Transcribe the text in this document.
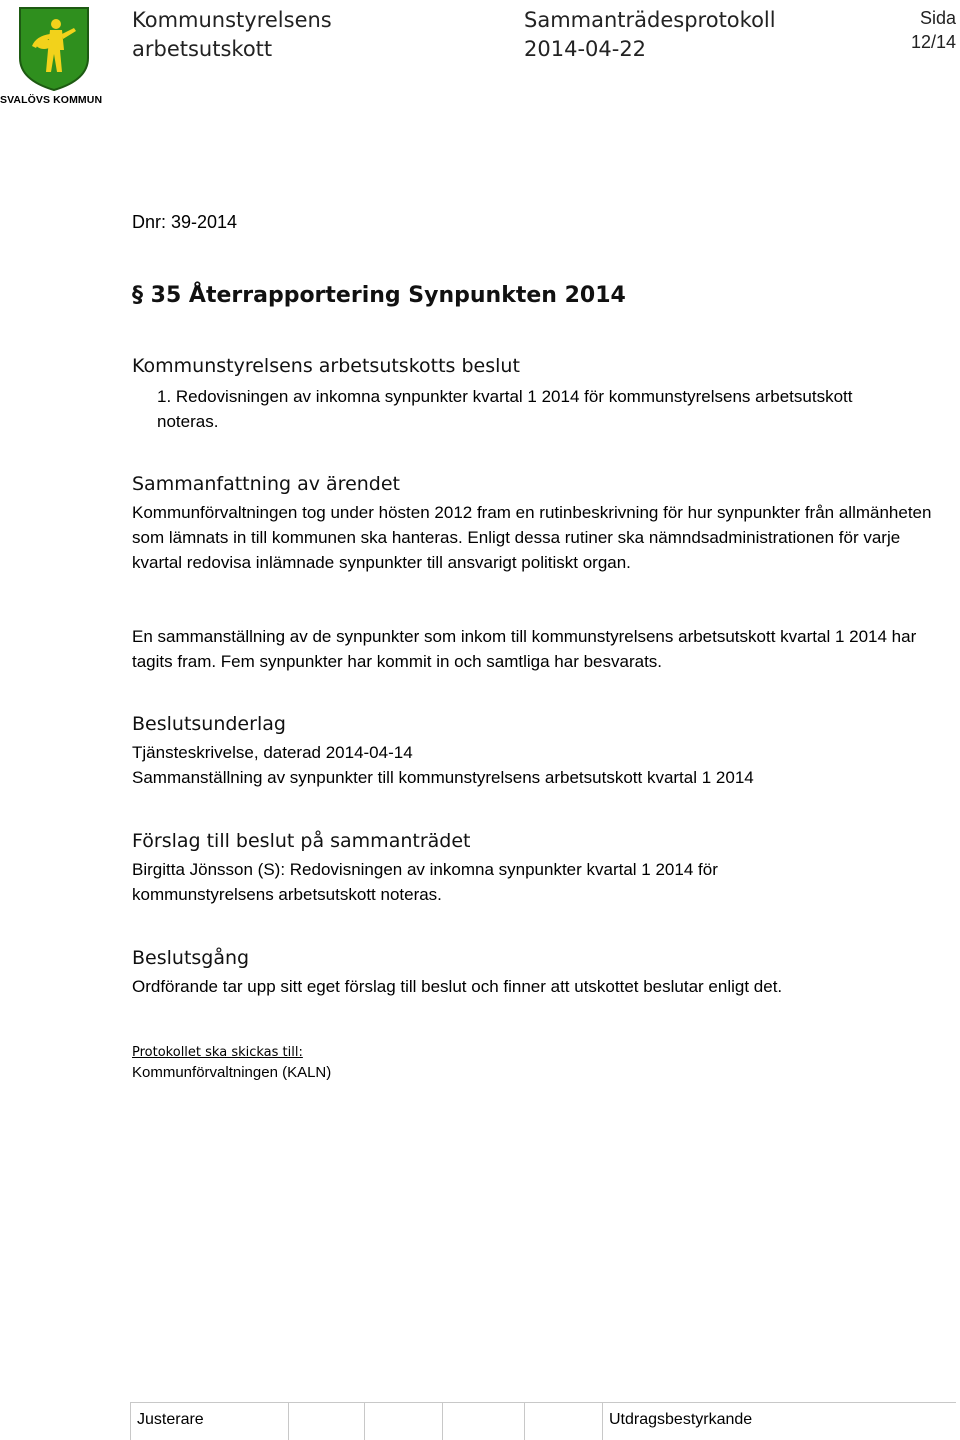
SVALÖVS KOMMUN
Kommunstyrelsens
arbetsutskott
Sammanträdesprotokoll
2014-04-22
Sida
12/14
Dnr: 39-2014
§ 35 Återrapportering Synpunkten 2014
Kommunstyrelsens arbetsutskotts beslut
1. Redovisningen av inkomna synpunkter kvartal 1 2014 för kommunstyrelsens arbetsutskott
noteras.
Sammanfattning av ärendet
Kommunförvaltningen tog under hösten 2012 fram en rutinbeskrivning för hur synpunkter från allmänheten som lämnats in till kommunen ska hanteras. Enligt dessa rutiner ska nämndsadministrationen för varje kvartal redovisa inlämnade synpunkter till ansvarigt politiskt organ.
En sammanställning av de synpunkter som inkom till kommunstyrelsens arbetsutskott kvartal 1 2014 har tagits fram. Fem synpunkter har kommit in och samtliga har besvarats.
Beslutsunderlag
Tjänsteskrivelse, daterad 2014-04-14
Sammanställning av synpunkter till kommunstyrelsens arbetsutskott kvartal 1 2014
Förslag till beslut på sammanträdet
Birgitta Jönsson (S): Redovisningen av inkomna synpunkter kvartal 1 2014 för kommunstyrelsens arbetsutskott noteras.
Beslutsgång
Ordförande tar upp sitt eget förslag till beslut och finner att utskottet beslutar enligt det.
Protokollet ska skickas till:
Kommunförvaltningen (KALN)
Justerare	Utdragsbestyrkande
